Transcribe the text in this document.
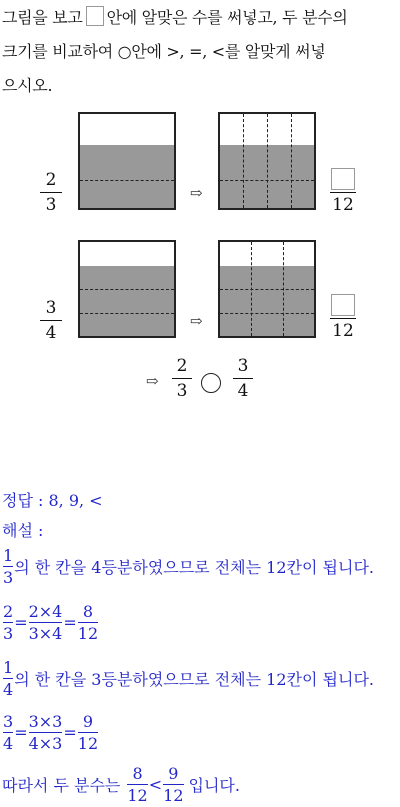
그림을 보고 안에 알맞은 수를 써넣고, 두 분수의
크기를 비교하여 ○안에 >, =, <를 알맞게 써넣
으시오.
2
3
⇨
12
3
4
⇨	12
⇨
2
3
3
4
정답 : 8, 9, <
해설 :
1
3
의 한 칸을 4등분하였으므로 전체는 12칸이 됩니다.
2
3
=
2×4
3×4
=
8
12
1
4
의 한 칸을 3등분하였으므로 전체는 12칸이 됩니다.
3
4
=
3×3
4×3
=
9
12
따라서 두 분수는
8
12
<
9
12
입니다.
